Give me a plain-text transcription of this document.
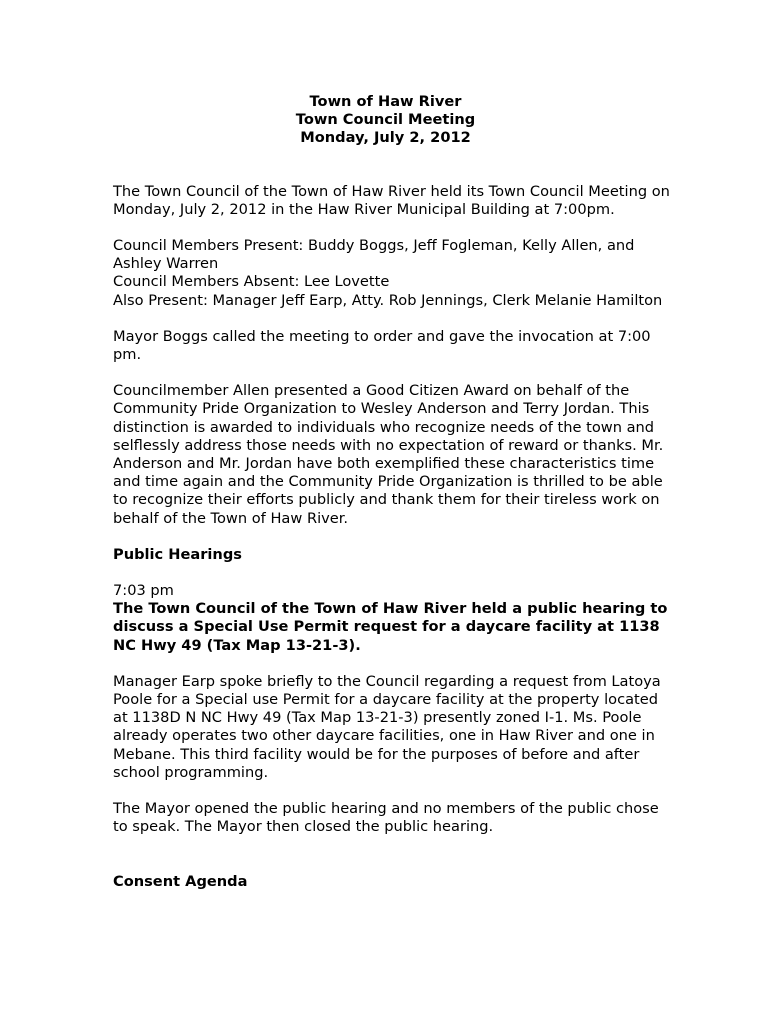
Town of Haw River
Town Council Meeting
Monday, July 2, 2012

The Town Council of the Town of Haw River held its Town Council Meeting on Monday, July 2, 2012 in the Haw River Municipal Building at 7:00pm.

Council Members Present: Buddy Boggs, Jeff Fogleman, Kelly Allen, and Ashley Warren
Council Members Absent: Lee Lovette
Also Present: Manager Jeff Earp, Atty. Rob Jennings, Clerk Melanie Hamilton

Mayor Boggs called the meeting to order and gave the invocation at 7:00 pm.

Councilmember Allen presented a Good Citizen Award on behalf of the Community Pride Organization to Wesley Anderson and Terry Jordan. This distinction is awarded to individuals who recognize needs of the town and selflessly address those needs with no expectation of reward or thanks. Mr. Anderson and Mr. Jordan have both exemplified these characteristics time and time again and the Community Pride Organization is thrilled to be able to recognize their efforts publicly and thank them for their tireless work on behalf of the Town of Haw River.

Public Hearings

7:03 pm
The Town Council of the Town of Haw River held a public hearing to discuss a Special Use Permit request for a daycare facility at 1138 NC Hwy 49 (Tax Map 13-21-3).

Manager Earp spoke briefly to the Council regarding a request from Latoya Poole for a Special use Permit for a daycare facility at the property located at 1138D N NC Hwy 49 (Tax Map 13-21-3) presently zoned I-1. Ms. Poole already operates two other daycare facilities, one in Haw River and one in Mebane. This third facility would be for the purposes of before and after school programming.

The Mayor opened the public hearing and no members of the public chose to speak. The Mayor then closed the public hearing.

Consent Agenda
